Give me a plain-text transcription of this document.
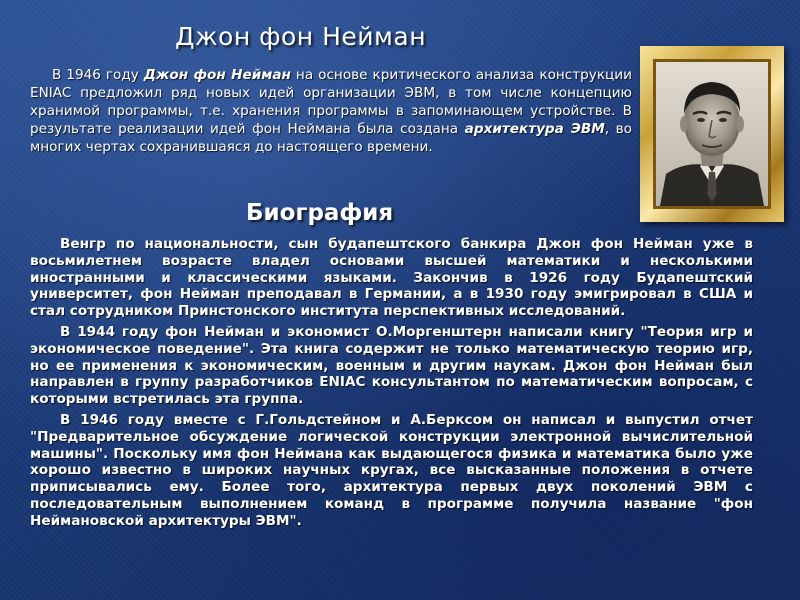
Джон фон Нейман
В 1946 году Джон фон Нейман на основе критического анализа конструкции ENIAC предложил ряд новых идей организации ЭВМ, в том числе концепцию хранимой программы, т.е. хранения программы в запоминающем устройстве. В результате реализации идей фон Неймана была создана архитектура ЭВМ, во многих чертах сохранившаяся до настоящего времени.
Биография

Венгр по национальности, сын будапештского банкира Джон фон Нейман уже в восьмилетнем возрасте владел основами высшей математики и несколькими иностранными и классическими языками. Закончив в 1926 году Будапештский университет, фон Нейман преподавал в Германии, а в 1930 году эмигрировал в США и стал сотрудником Принстонского института перспективных исследований.

В 1944 году фон Нейман и экономист О.Моргенштерн написали книгу "Теория игр и экономическое поведение". Эта книга содержит не только математическую теорию игр, но ее применения к экономическим, военным и другим наукам. Джон фон Нейман был направлен в группу разработчиков ENIAC консультантом по математическим вопросам, с которыми встретилась эта группа.

В 1946 году вместе с Г.Гольдстейном и А.Берксом он написал и выпустил отчет "Предварительное обсуждение логической конструкции электронной вычислительной машины". Поскольку имя фон Неймана как выдающегося физика и математика было уже хорошо известно в широких научных кругах, все высказанные положения в отчете приписывались ему. Более того, архитектура первых двух поколений ЭВМ с последовательным выполнением команд в программе получила название "фон Неймановской архитектуры ЭВМ".
